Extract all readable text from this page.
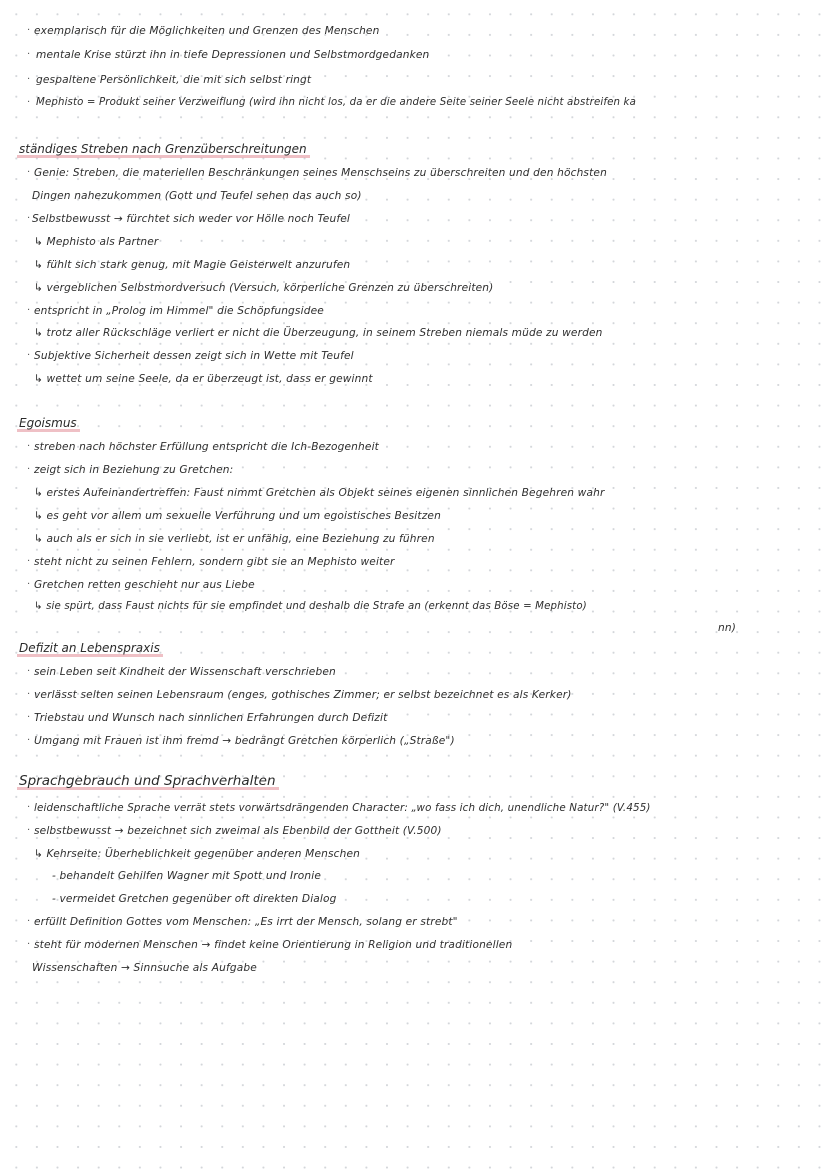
· exemplarisch für die Möglichkeiten und Grenzen des Menschen
· mentale Krise stürzt ihn in tiefe Depressionen und Selbstmordgedanken
· gespaltene Persönlichkeit, die mit sich selbst ringt
· Mephisto = Produkt seiner Verzweiflung (wird ihn nicht los, da er die andere Seite seiner Seele nicht abstreifen ka
ständiges Streben nach Grenzüberschreitungen
· Genie: Streben, die materiellen Beschränkungen seines Menschseins zu überschreiten und den höchsten
Dingen nahezukommen (Gott und Teufel sehen das auch so)
· Selbstbewusst → fürchtet sich weder vor Hölle noch Teufel
↳ Mephisto als Partner
↳ fühlt sich stark genug, mit Magie Geisterwelt anzurufen
↳ vergeblichen Selbstmordversuch (Versuch, körperliche Grenzen zu überschreiten)
· entspricht in „Prolog im Himmel" die Schöpfungsidee
↳ trotz aller Rückschläge verliert er nicht die Überzeugung, in seinem Streben niemals müde zu werden
· Subjektive Sicherheit dessen zeigt sich in Wette mit Teufel
↳ wettet um seine Seele, da er überzeugt ist, dass er gewinnt
Egoismus
· streben nach höchster Erfüllung entspricht die Ich-Bezogenheit
· zeigt sich in Beziehung zu Gretchen:
↳ erstes Aufeinandertreffen: Faust nimmt Gretchen als Objekt seines eigenen sinnlichen Begehren wahr
↳ es geht vor allem um sexuelle Verführung und um egoistisches Besitzen
↳ auch als er sich in sie verliebt, ist er unfähig, eine Beziehung zu führen
· steht nicht zu seinen Fehlern, sondern gibt sie an Mephisto weiter
· Gretchen retten geschieht nur aus Liebe
↳ sie spürt, dass Faust nichts für sie empfindet und deshalb die Strafe an (erkennt das Böse = Mephisto)
nn)
Defizit an Lebenspraxis
· sein Leben seit Kindheit der Wissenschaft verschrieben
· verlässt selten seinen Lebensraum (enges, gothisches Zimmer; er selbst bezeichnet es als Kerker)
· Triebstau und Wunsch nach sinnlichen Erfahrungen durch Defizit
· Umgang mit Frauen ist ihm fremd → bedrängt Gretchen körperlich („Straße")
Sprachgebrauch und Sprachverhalten
· leidenschaftliche Sprache verrät stets vorwärtsdrängenden Character: „wo fass ich dich, unendliche Natur?" (V.455)
· selbstbewusst → bezeichnet sich zweimal als Ebenbild der Gottheit (V.500)
↳ Kehrseite: Überheblichkeit gegenüber anderen Menschen
- behandelt Gehilfen Wagner mit Spott und Ironie
- vermeidet Gretchen gegenüber oft direkten Dialog
· erfüllt Definition Gottes vom Menschen: „Es irrt der Mensch, solang er strebt"
· steht für modernen Menschen → findet keine Orientierung in Religion und traditionellen
Wissenschaften → Sinnsuche als Aufgabe
